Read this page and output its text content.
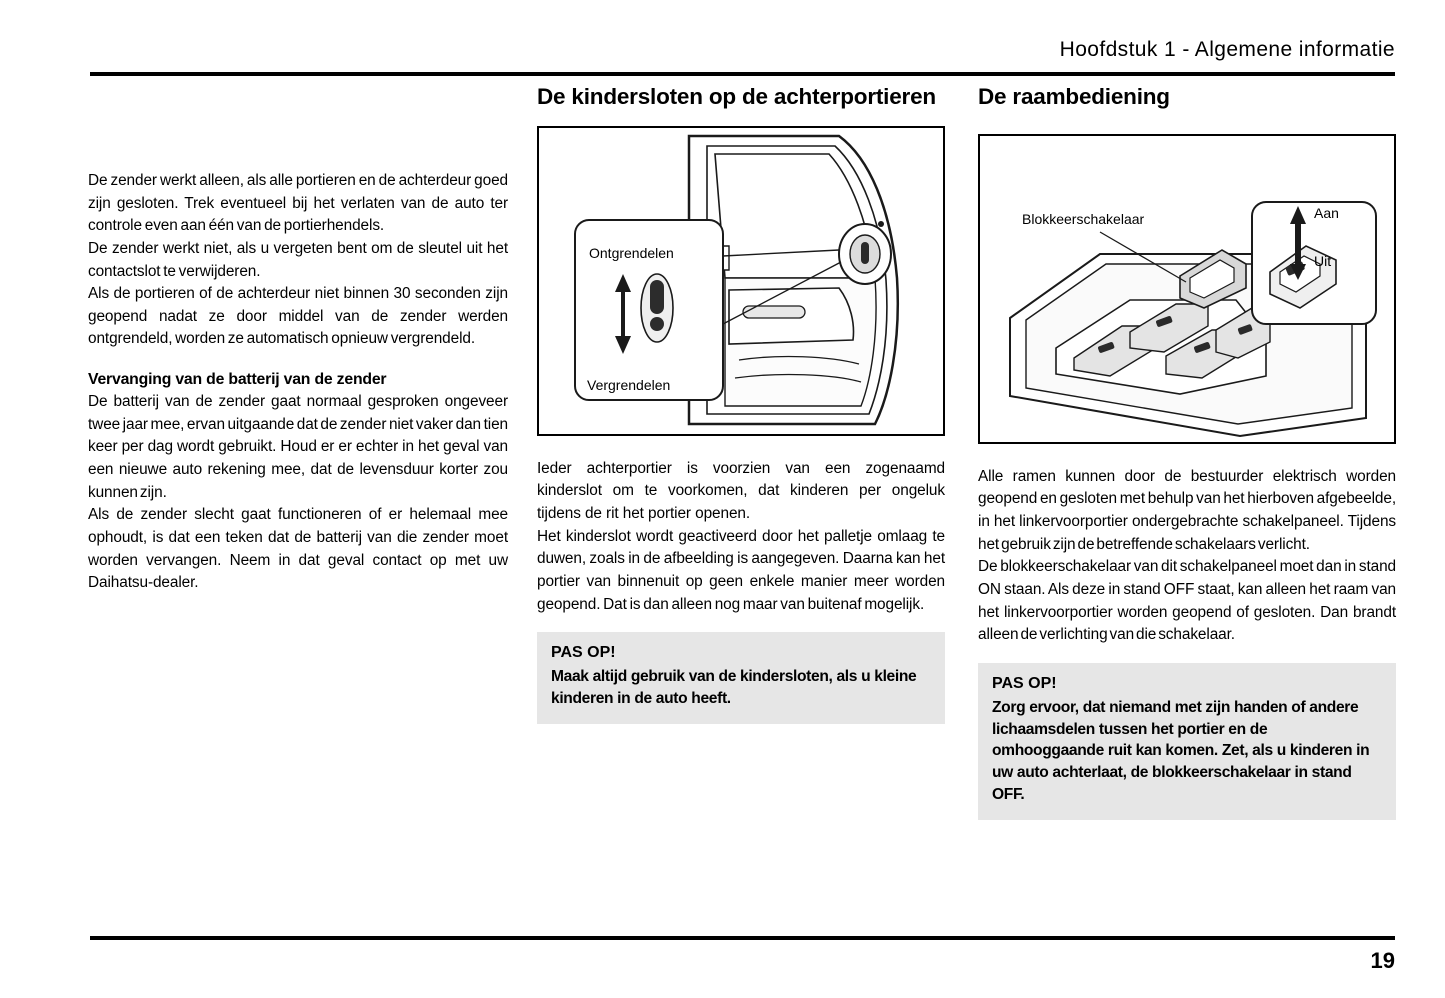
Hoofdstuk 1 - Algemene informatie

De zender werkt alleen, als alle portieren en de achterdeur goed zijn gesloten. Trek eventueel bij het verlaten van de auto ter controle even aan één van de portierhendels.

De zender werkt niet, als u vergeten bent om de sleutel uit het contactslot te verwijderen.

Als de portieren of de achterdeur niet binnen 30 seconden zijn geopend nadat ze door middel van de zender werden ontgrendeld, worden ze automatisch opnieuw vergrendeld.

Vervanging van de batterij van de zender

De batterij van de zender gaat normaal gesproken ongeveer twee jaar mee, ervan uitgaande dat de zender niet vaker dan tien keer per dag wordt gebruikt. Houd er er echter in het geval van een nieuwe auto rekening mee, dat de levensduur korter zou kunnen zijn.

Als de zender slecht gaat functioneren of er helemaal mee ophoudt, is dat een teken dat de batterij van die zender moet worden vervangen. Neem in dat geval contact op met uw Daihatsu-dealer.

De kindersloten op de achterportieren
Ontgrendelen
Vergrendelen

Ieder achterportier is voorzien van een zogenaamd kinderslot om te voorkomen, dat kinderen per ongeluk tijdens de rit het portier openen.

Het kinderslot wordt geactiveerd door het palletje omlaag te duwen, zoals in de afbeelding is aangegeven. Daarna kan het portier van binnenuit op geen enkele manier meer worden geopend. Dat is dan alleen nog maar van buitenaf mogelijk.

PAS OP!
Maak altijd gebruik van de kindersloten, als u kleine kinderen in de auto heeft.
De raambediening
Blokkeerschakelaar	Aan
Uit

Alle ramen kunnen door de bestuurder elektrisch worden geopend en gesloten met behulp van het hierboven afgebeelde, in het linkervoorportier ondergebrachte schakelpaneel. Tijdens het gebruik zijn de betreffende schakelaars verlicht.

De blokkeerschakelaar van dit schakelpaneel moet dan in stand ON staan. Als deze in stand OFF staat, kan alleen het raam van het linkervoorportier worden geopend of gesloten. Dan brandt alleen de verlichting van die schakelaar.

PAS OP!
Zorg ervoor, dat niemand met zijn handen of andere lichaamsdelen tussen het portier en de omhooggaande ruit kan komen. Zet, als u kinderen in uw auto achterlaat, de blokkeerschakelaar in stand OFF.
19
